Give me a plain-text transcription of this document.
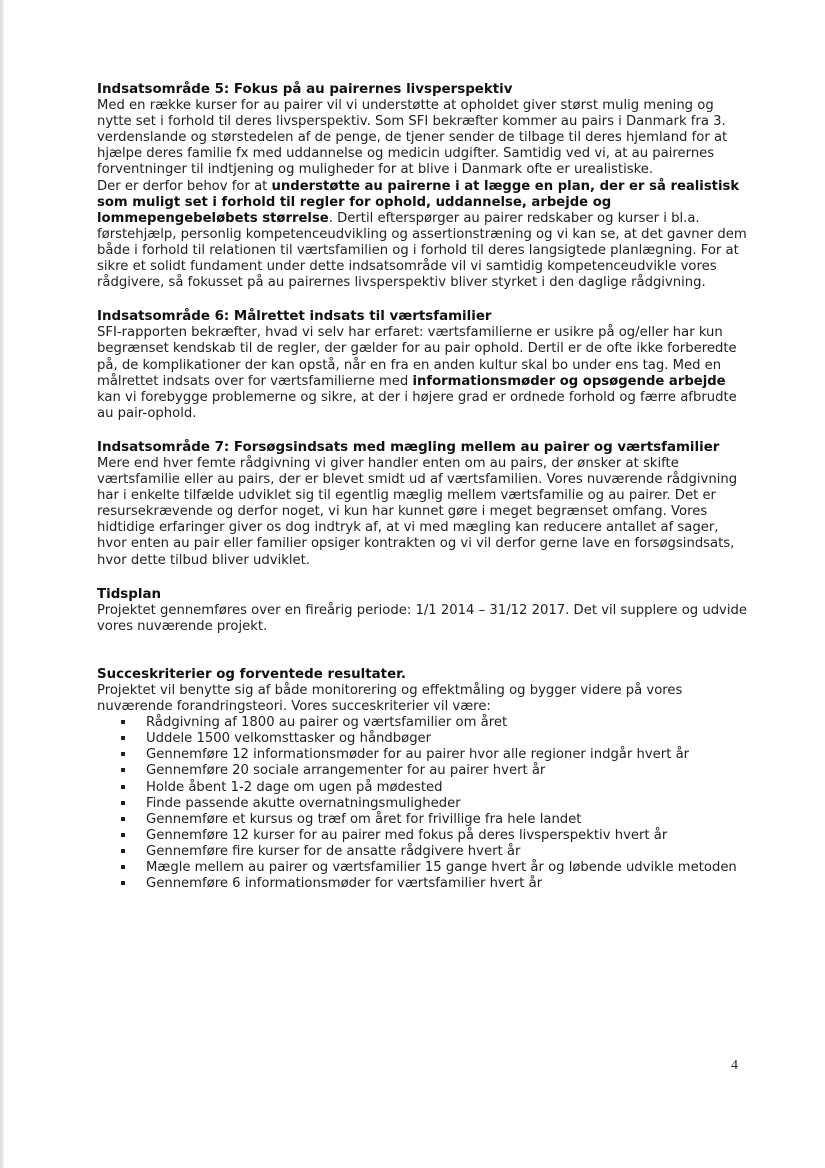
Indsatsområde 5: Fokus på au pairernes livsperspektiv

Med en række kurser for au pairer vil vi understøtte at opholdet giver størst mulig mening og nytte set i forhold til deres livsperspektiv. Som SFI bekræfter kommer au pairs i Danmark fra 3. verdenslande og størstedelen af de penge, de tjener sender de tilbage til deres hjemland for at hjælpe deres familie fx med uddannelse og medicin udgifter. Samtidig ved vi, at au pairernes forventninger til indtjening og muligheder for at blive i Danmark ofte er urealistiske.

Der er derfor behov for at understøtte au pairerne i at lægge en plan, der er så realistisk som muligt set i forhold til regler for ophold, uddannelse, arbejde og lommepengebeløbets størrelse. Dertil efterspørger au pairer redskaber og kurser i bl.a. førstehjælp, personlig kompetenceudvikling og assertionstræning og vi kan se, at det gavner dem både i forhold til relationen til værtsfamilien og i forhold til deres langsigtede planlægning. For at sikre et solidt fundament under dette indsatsområde vil vi samtidig kompetenceudvikle vores rådgivere, så fokusset på au pairernes livsperspektiv bliver styrket i den daglige rådgivning.

Indsatsområde 6: Målrettet indsats til værtsfamilier

SFI-rapporten bekræfter, hvad vi selv har erfaret: værtsfamilierne er usikre på og/eller har kun begrænset kendskab til de regler, der gælder for au pair ophold. Dertil er de ofte ikke forberedte på, de komplikationer der kan opstå, når en fra en anden kultur skal bo under ens tag. Med en målrettet indsats over for værtsfamilierne med informationsmøder og opsøgende arbejde kan vi forebygge problemerne og sikre, at der i højere grad er ordnede forhold og færre afbrudte au pair-ophold.

Indsatsområde 7: Forsøgsindsats med mægling mellem au pairer og værtsfamilier

Mere end hver femte rådgivning vi giver handler enten om au pairs, der ønsker at skifte værtsfamilie eller au pairs, der er blevet smidt ud af værtsfamilien. Vores nuværende rådgivning har i enkelte tilfælde udviklet sig til egentlig mæglig mellem værtsfamilie og au pairer. Det er resursekrævende og derfor noget, vi kun har kunnet gøre i meget begrænset omfang. Vores hidtidige erfaringer giver os dog indtryk af, at vi med mægling kan reducere antallet af sager, hvor enten au pair eller familier opsiger kontrakten og vi vil derfor gerne lave en forsøgsindsats, hvor dette tilbud bliver udviklet.

Tidsplan

Projektet gennemføres over en fireårig periode: 1/1 2014 – 31/12 2017. Det vil supplere og udvide vores nuværende projekt.

Succeskriterier og forventede resultater.

Projektet vil benytte sig af både monitorering og effektmåling og bygger videre på vores nuværende forandringsteori. Vores succeskriterier vil være:

Rådgivning af 1800 au pairer og værtsfamilier om året
Uddele 1500 velkomsttasker og håndbøger
Gennemføre 12 informationsmøder for au pairer hvor alle regioner indgår hvert år
Gennemføre 20 sociale arrangementer for au pairer hvert år
Holde åbent 1-2 dage om ugen på mødested
Finde passende akutte overnatningsmuligheder
Gennemføre et kursus og træf om året for frivillige fra hele landet
Gennemføre 12 kurser for au pairer med fokus på deres livsperspektiv hvert år
Gennemføre fire kurser for de ansatte rådgivere hvert år
Mægle mellem au pairer og værtsfamilier 15 gange hvert år og løbende udvikle metoden
Gennemføre 6 informationsmøder for værtsfamilier hvert år
4
